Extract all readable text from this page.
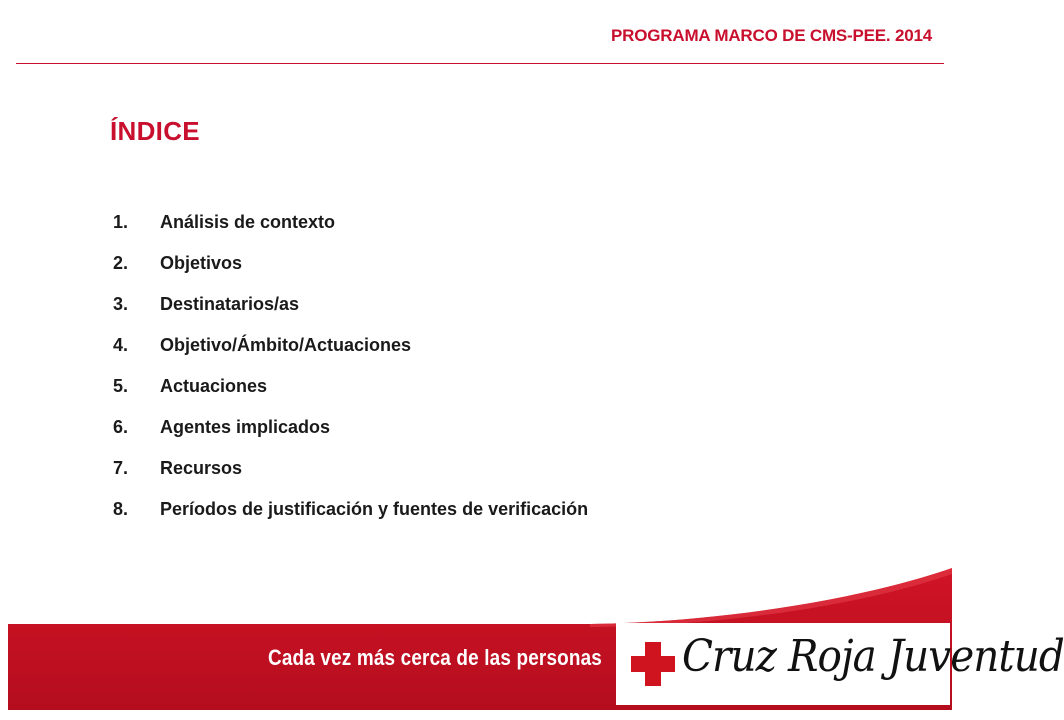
PROGRAMA MARCO DE CMS-PEE. 2014
ÍNDICE
1.	Análisis de contexto
2.	Objetivos
3.	Destinatarios/as
4.	Objetivo/Ámbito/Actuaciones
5.	Actuaciones
6.	Agentes implicados
7.	Recursos
8.	Períodos de justificación y fuentes de verificación
Cada vez más cerca de las personas Cruz Roja Juventud
